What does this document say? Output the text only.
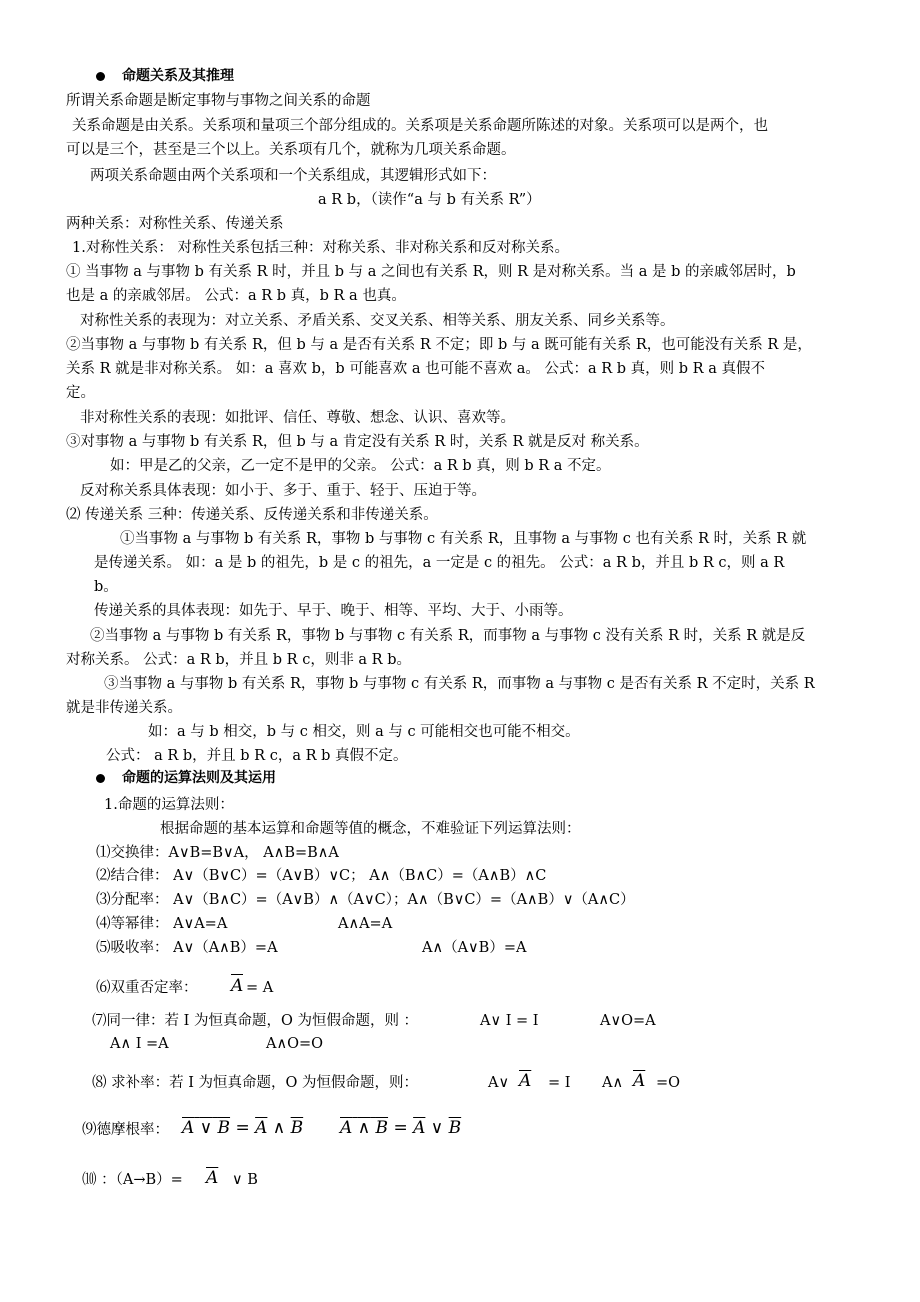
命题关系及其推理
所谓关系命题是断定事物与事物之间关系的命题
关系命题是由关系。关系项和量项三个部分组成的。关系项是关系命题所陈述的对象。关系项可以是两个，也
可以是三个，甚至是三个以上。关系项有几个，就称为几项关系命题。
两项关系命题由两个关系项和一个关系组成，其逻辑形式如下：
a R b，（读作“a 与 b 有关系 R”）
两种关系：对称性关系、传递关系
1.对称性关系： 对称性关系包括三种：对称关系、非对称关系和反对称关系。
① 当事物 a 与事物 b 有关系 R 时，并且 b 与 a 之间也有关系 R，则 R 是对称关系。当 a 是 b 的亲戚邻居时，b
也是 a 的亲戚邻居。 公式：a R b 真，b R a 也真。
对称性关系的表现为：对立关系、矛盾关系、交叉关系、相等关系、朋友关系、同乡关系等。
②当事物 a 与事物 b 有关系 R，但 b 与 a 是否有关系 R 不定；即 b 与 a 既可能有关系 R，也可能没有关系 R 是，
关系 R 就是非对称关系。 如：a 喜欢 b，b 可能喜欢 a 也可能不喜欢 a。 公式：a R b 真，则 b R a 真假不
定。
非对称性关系的表现：如批评、信任、尊敬、想念、认识、喜欢等。
③对事物 a 与事物 b 有关系 R，但 b 与 a 肯定没有关系 R 时，关系 R 就是反对 称关系。
如：甲是乙的父亲，乙一定不是甲的父亲。 公式：a R b 真，则 b R a 不定。
反对称关系具体表现：如小于、多于、重于、轻于、压迫于等。
⑵ 传递关系 三种：传递关系、反传递关系和非传递关系。
①当事物 a 与事物 b 有关系 R，事物 b 与事物 c 有关系 R，且事物 a 与事物 c 也有关系 R 时，关系 R 就
是传递关系。 如：a 是 b 的祖先，b 是 c 的祖先，a 一定是 c 的祖先。 公式：a R b，并且 b R c，则 a R
b。
传递关系的具体表现：如先于、早于、晚于、相等、平均、大于、小雨等。
②当事物 a 与事物 b 有关系 R，事物 b 与事物 c 有关系 R，而事物 a 与事物 c 没有关系 R 时，关系 R 就是反
对称关系。 公式：a R b，并且 b R c，则非 a R b。
③当事物 a 与事物 b 有关系 R，事物 b 与事物 c 有关系 R，而事物 a 与事物 c 是否有关系 R 不定时，关系 R
就是非传递关系。
如：a 与 b 相交，b 与 c 相交，则 a 与 c 可能相交也可能不相交。
公式： a R b，并且 b R c，a R b 真假不定。
命题的运算法则及其运用
1.命题的运算法则：
根据命题的基本运算和命题等值的概念，不难验证下列运算法则：
⑴交换律：A∨B=B∨A， A∧B=B∧A
⑵结合律： A∨（B∨C）=（A∨B）∨C； A∧（B∧C）=（A∧B）∧C
⑶分配率： A∨（B∧C）=（A∨B）∧（A∨C）；A∧（B∨C）=（A∧B）∨（A∧C）
⑷等幂律： A∨A=A	A∧A=A
⑸吸收率： A∨（A∧B）=A	A∧（A∨B）=A
⑹双重否定率： A = A
⑺同一律：若 I 为恒真命题，O 为恒假命题，则 ：	A∨ I = I	A∨O=A
A∧ I =A	A∧O=O
⑻ 求补率：若 I 为恒真命题，O 为恒假命题，则：	A∨ $\overline{A} = I$ A∧ $\overline{A} =O$
⑼德摩根率： A ∨ $B = \overline{A}$ ∧ $\overline{B}$ A ∧ $B = \overline{A}$ ∨ $\overline{B}$
⑽ ：$(A\to B)= \overline{A}$ ∨ B
